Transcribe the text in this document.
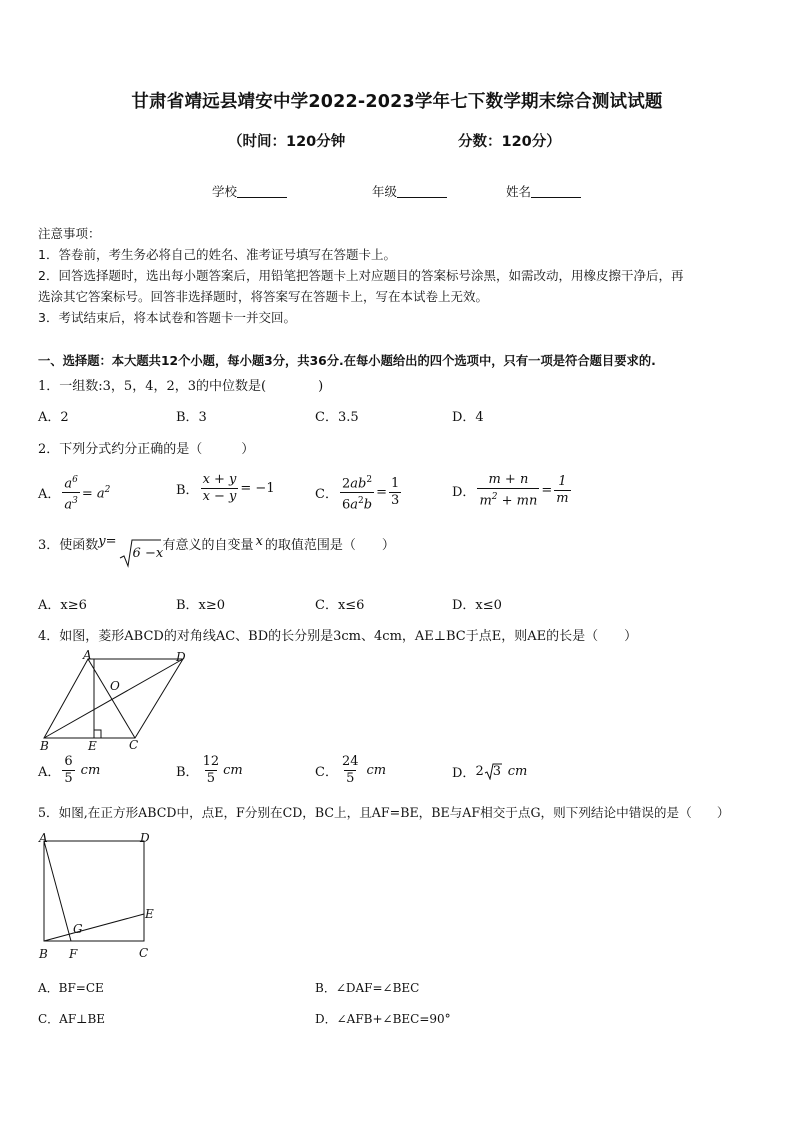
甘肃省靖远县靖安中学2022-2023学年七下数学期末综合测试试题
（时间：120分钟	分数：120分）
学校	年级	姓名
注意事项：
1．答卷前，考生务必将自己的姓名、准考证号填写在答题卡上。
2．回答选择题时，选出每小题答案后，用铅笔把答题卡上对应题目的答案标号涂黑，如需改动，用橡皮擦干净后，再
选涂其它答案标号。回答非选择题时，将答案写在答题卡上，写在本试卷上无效。
3．考试结束后，将本试卷和答题卡一并交回。
一、选择题：本大题共12个小题，每小题3分，共36分.在每小题给出的四个选项中，只有一项是符合题目要求的.
1．一组数:3，5，4，2，3的中位数是(　　　　)
A．2	B．3	C．3.5	D．4
2．下列分式约分正确的是（　　　）
A． $\frac{a^6}{a^3} = a^2$	B． $\frac{x + y}{x - y} = -1$	C． $\frac{2ab^2}{6a^2b} = \frac{1}{3}$	D． $\frac{m + n}{m^2 + mn} = \frac{1}{m}$
3．使函数 y =
6 −x
有意义的自变量 x 的取值范围是（　　）
A．x≥6	B．x≥0	C．x≤6	D．x≤0
4．如图，菱形ABCD的对角线AC、BD的长分别是3cm、4cm，AE⊥BC于点E，则AE的长是（　　）
A	D
O
B	E	C
A． $\frac{6}{5}$ cm	B． $\frac{12}{5}$ cm	C． $\frac{24}{5}$ cm	D． 2 3 cm
5．如图,在正方形ABCD中，点E，F分别在CD，BC上，且AF=BE，BE与AF相交于点G，则下列结论中错误的是（　　）
A	D
E
G
B F	C
A．BF=CE	B．∠DAF=∠BEC
C．AF⊥BE	D．∠AFB+∠BEC=90°
